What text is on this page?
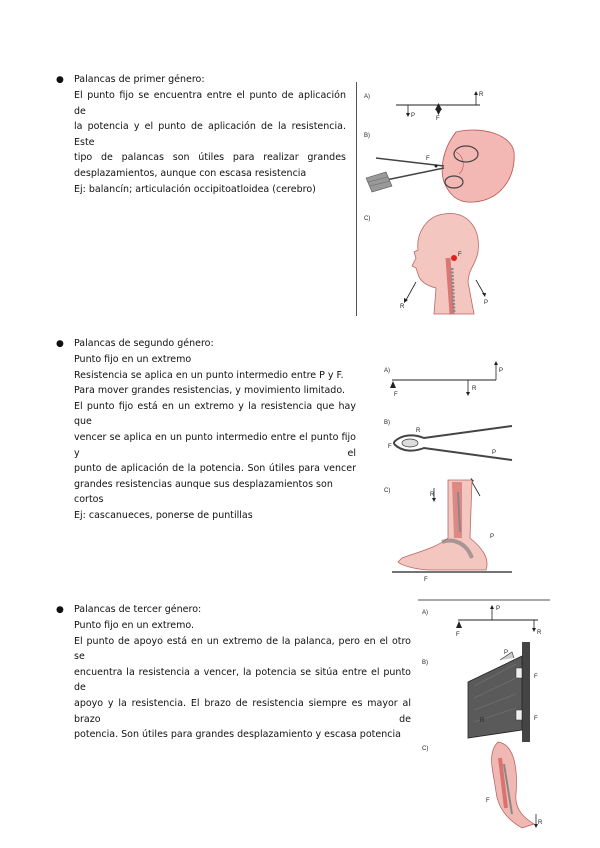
● Palancas de primer género:
El punto fijo se encuentra entre el punto de aplicación de
la potencia y el punto de aplicación de la resistencia. Este
tipo de palancas son útiles para realizar grandes
desplazamientos, aunque con escasa resistencia
Ej: balancín; articulación occipitoatloidea (cerebro)
A)
P	F
R
B)
F
C)
F
R
P
● Palancas de segundo género:
Punto fijo en un extremo
Resistencia se aplica en un punto intermedio entre P y F.
Para mover grandes resistencias, y movimiento limitado.
El punto fijo está en un extremo y la resistencia que hay que
vencer se aplica en un punto intermedio entre el punto fijo y el
punto de aplicación de la potencia. Son útiles para vencer
grandes resistencias aunque sus desplazamientos son cortos
Ej: cascanueces, ponerse de puntillas
A)
F
R
P
B)
R
F
P
C)
R
P
F
● Palancas de tercer género:
Punto fijo en un extremo.
El punto de apoyo está en un extremo de la palanca, pero en el otro se
encuentra la resistencia a vencer, la potencia se sitúa entre el punto de
apoyo y la resistencia. El brazo de resistencia siempre es mayor al brazo de
potencia. Son útiles para grandes desplazamiento y escasa potencia
A)
F
P
R
B)
F
F
P
R
C)
F
R
